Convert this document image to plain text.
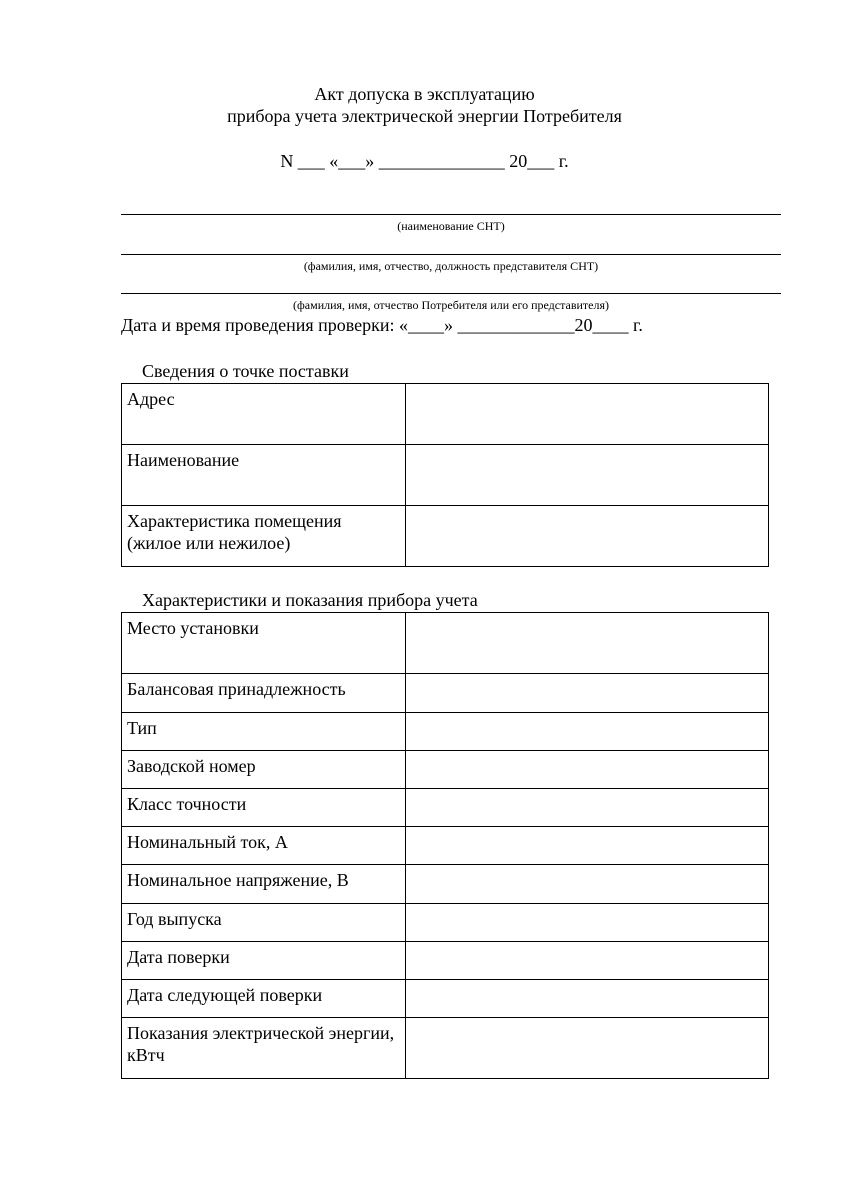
Акт допуска в эксплуатацию
прибора учета электрической энергии Потребителя
N ___ «___» ______________ 20___ г.
(наименование СНТ)
(фамилия, имя, отчество, должность представителя СНТ)
(фамилия, имя, отчество Потребителя или его представителя)
Дата и время проведения проверки: «____» _____________20____ г.
Сведения о точке поставки
Адрес	
Наименование	
Характеристика помещения (жилое или нежилое)	
Характеристики и показания прибора учета
Место установки	
Балансовая принадлежность	
Тип	
Заводской номер	
Класс точности	
Номинальный ток, А	
Номинальное напряжение, В	
Год выпуска	
Дата поверки	
Дата следующей поверки	
Показания электрической энергии, кВтч	
